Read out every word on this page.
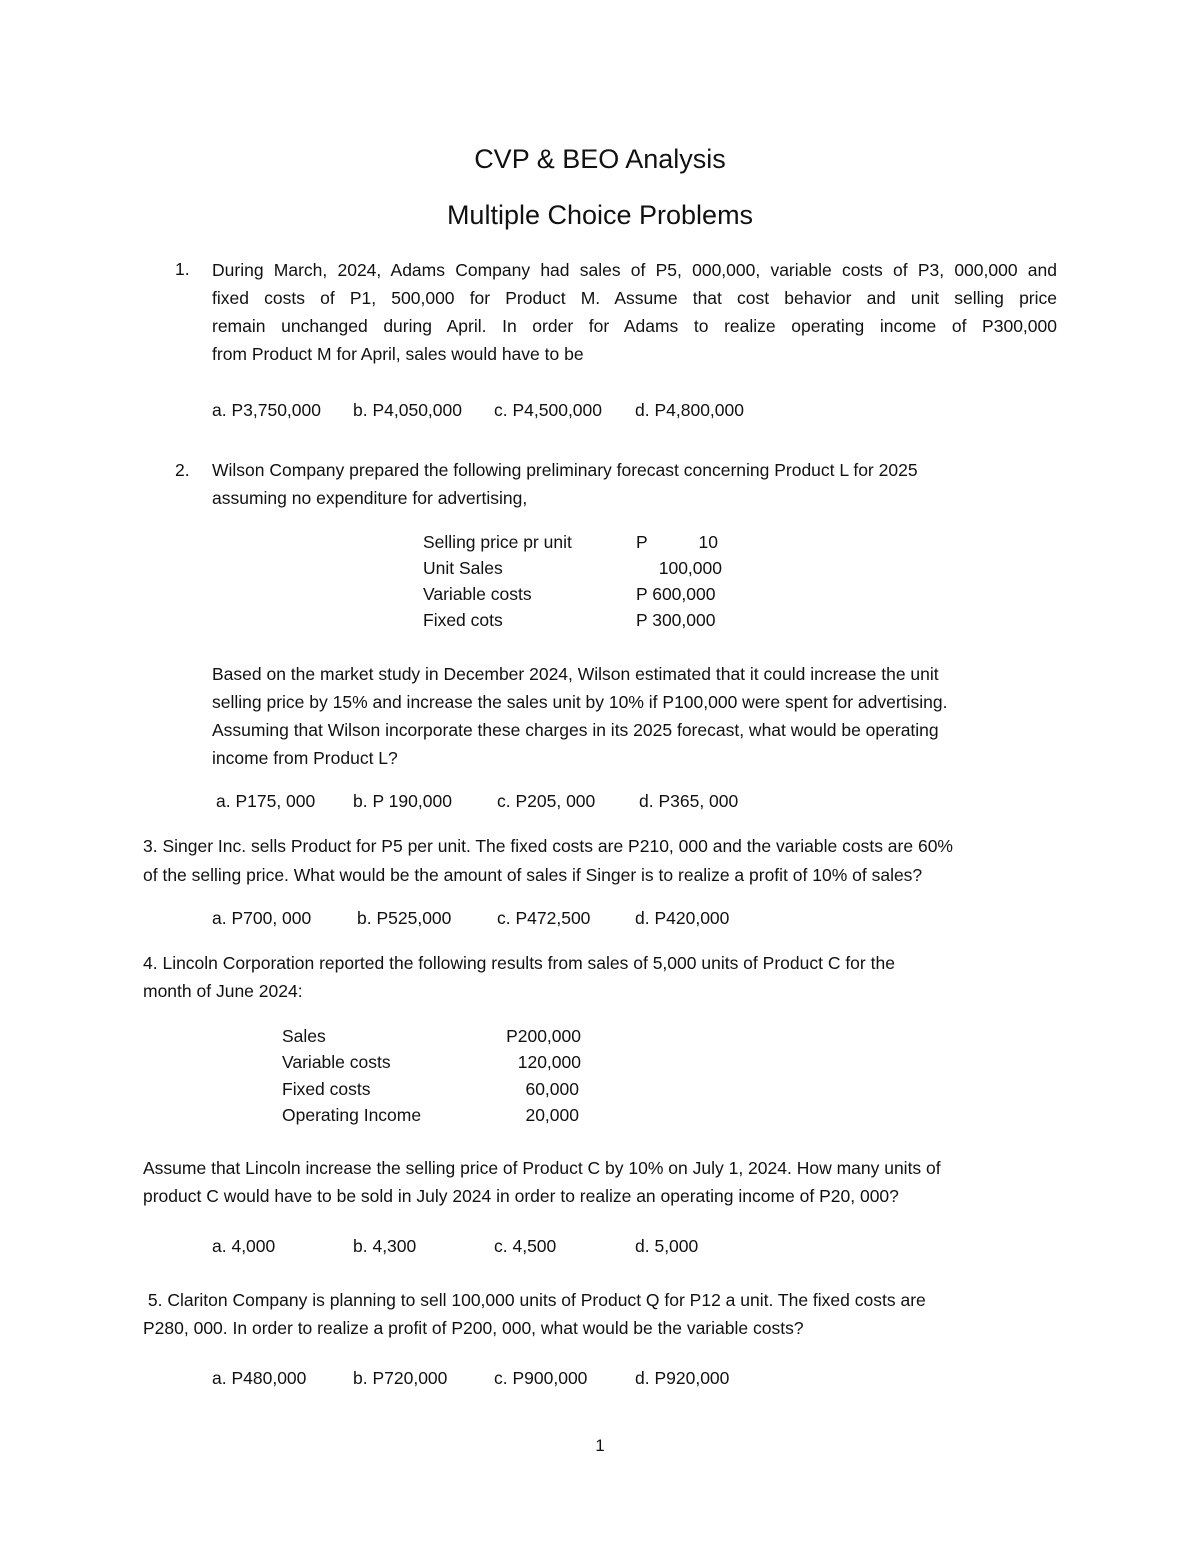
CVP & BEO Analysis
Multiple Choice Problems
1. During March, 2024, Adams Company had sales of P5, 000,000, variable costs of P3, 000,000 and
fixed costs of P1, 500,000 for Product M. Assume that cost behavior and unit selling price
remain unchanged during April. In order for Adams to realize operating income of P300,000
from Product M for April, sales would have to be
a. P3,750,000 b. P4,050,000 c. P4,500,000 d. P4,800,000
2. Wilson Company prepared the following preliminary forecast concerning Product L for 2025
assuming no expenditure for advertising,
Selling price pr unit	P	10
Unit Sales	100,000
Variable costs	P 600,000
Fixed cots	P 300,000
Based on the market study in December 2024, Wilson estimated that it could increase the unit
selling price by 15% and increase the sales unit by 10% if P100,000 were spent for advertising.
Assuming that Wilson incorporate these charges in its 2025 forecast, what would be operating
income from Product L?
a. P175, 000 b. P 190,000	c. P205, 000 d. P365, 000
3. Singer Inc. sells Product for P5 per unit. The fixed costs are P210, 000 and the variable costs are 60%
of the selling price. What would be the amount of sales if Singer is to realize a profit of 10% of sales?
a. P700, 000	b. P525,000	c. P472,500	d. P420,000
4. Lincoln Corporation reported the following results from sales of 5,000 units of Product C for the
month of June 2024:
Sales	P200,000
Variable costs	120,000
Fixed costs	60,000
Operating Income	20,000
Assume that Lincoln increase the selling price of Product C by 10% on July 1, 2024. How many units of
product C would have to be sold in July 2024 in order to realize an operating income of P20, 000?
a. 4,000	b. 4,300	c. 4,500	d. 5,000
5. Clariton Company is planning to sell 100,000 units of Product Q for P12 a unit. The fixed costs are
P280, 000. In order to realize a profit of P200, 000, what would be the variable costs?
a. P480,000	b. P720,000	c. P900,000	d. P920,000
1
